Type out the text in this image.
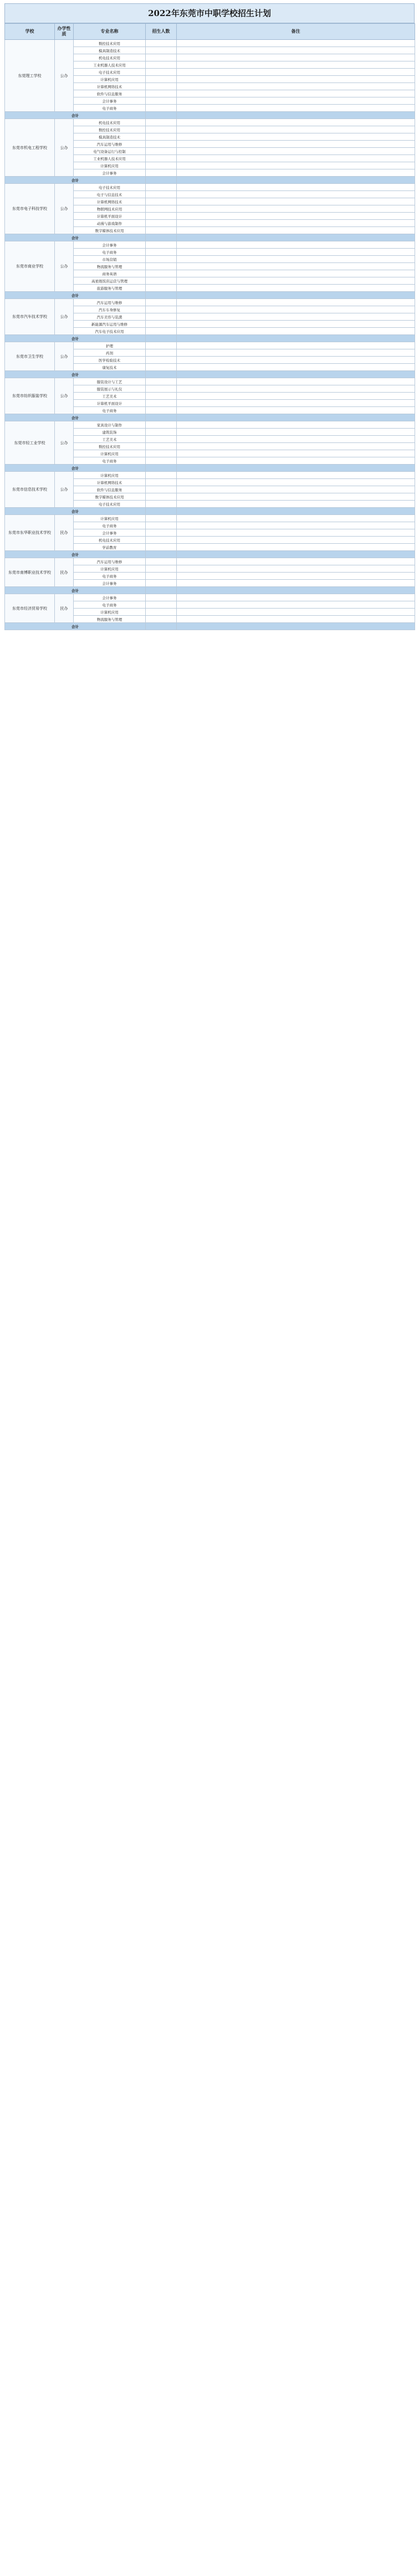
2022年东莞市中职学校招生计划
学校	办学性质	专业名称	招生人数	备注
东莞理工学校	公办	数控技术应用		
		模具制造技术		
		机电技术应用		
		工业机器人技术应用		
		电子技术应用		
		计算机应用		
		计算机网络技术		
		软件与信息服务		
		会计事务		
		电子商务		
合计				
东莞市机电工程学校	公办	机电技术应用		
		数控技术应用		
		模具制造技术		
		汽车运用与维修		
		电气设备运行与控制		
		工业机器人技术应用		
		计算机应用		
		会计事务		
合计				
东莞市电子科技学校	公办	电子技术应用		
		电子与信息技术		
		计算机网络技术		
		物联网技术应用		
		计算机平面设计		
		动漫与游戏制作		
		数字媒体技术应用		
合计				
东莞市商业学校	公办	会计事务		
		电子商务		
		市场营销		
		物流服务与管理		
		商务英语		
		高星级饭店运营与管理		
		旅游服务与管理		
合计				
东莞市汽车技术学校	公办	汽车运用与维修		
		汽车车身修复		
		汽车美容与装潢		
		新能源汽车运用与维修		
		汽车电子技术应用		
合计				
东莞市卫生学校	公办	护理		
		药剂		
		医学检验技术		
		康复技术		
合计				
东莞市纺织服装学校	公办	服装设计与工艺		
		服装展示与礼仪		
		工艺美术		
		计算机平面设计		
		电子商务		
合计				
东莞市轻工业学校	公办	家具设计与制作		
		建筑装饰		
		工艺美术		
		数控技术应用		
		计算机应用		
		电子商务		
合计				
东莞市信息技术学校	公办	计算机应用		
		计算机网络技术		
		软件与信息服务		
		数字媒体技术应用		
		电子技术应用		
合计				
东莞市东华职业技术学校	民办	计算机应用		
		电子商务		
		会计事务		
		机电技术应用		
		学前教育		
合计				
东莞市南博职业技术学校	民办	汽车运用与维修		
		计算机应用		
		电子商务		
		会计事务		
合计				
东莞市经济贸易学校	民办	会计事务		
		电子商务		
		计算机应用		
		物流服务与管理		
合计				
